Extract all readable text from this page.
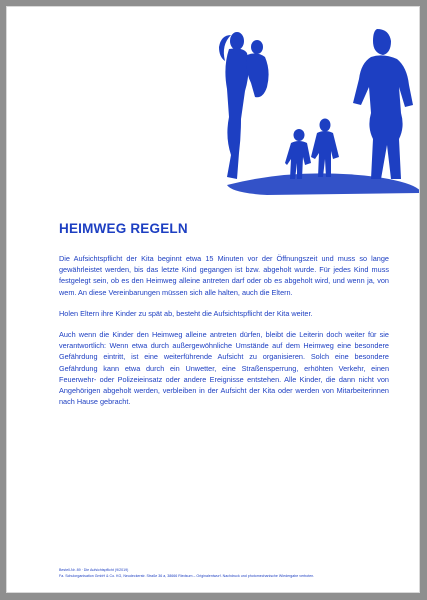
HEIMWEG REGELN

Die Aufsichtspflicht der Kita beginnt etwa 15 Minuten vor der Öffnungszeit und muss so lange gewährleistet werden, bis das letzte Kind gegangen ist bzw. abgeholt wurde. Für jedes Kind muss festgelegt sein, ob es den Heimweg alleine antreten darf oder ob es abgeholt wird, und wenn ja, von wem. An diese Vereinbarungen müssen sich alle halten, auch die Eltern.

Holen Eltern ihre Kinder zu spät ab, besteht die Aufsichtspflicht der Kita weiter.

Auch wenn die Kinder den Heimweg alleine antreten dürfen, bleibt die Leiterin doch weiter für sie verantwortlich: Wenn etwa durch außergewöhnliche Umstände auf dem Heimweg eine besondere Gefährdung eintritt, ist eine weiterführende Aufsicht zu organisieren. Solch eine besondere Gefährdung kann etwa durch ein Unwetter, eine Straßensperrung, erhöhten Verkehr, einen Feuerwehr- oder Polizeieinsatz oder andere Ereignisse entstehen. Alle Kinder, die dann nicht von Angehörigen abgeholt werden, verbleiben in der Aufsicht der Kita oder werden von Mitarbeiterinnen nach Hause gebracht.

Bestell-Nr. 89 · Die Aufsichtspflicht (9/2019)
Fa. Schulorganisation GmbH & Co. KG, Neudeckerstr. Straße 36 a, 38666 Riedsum – Originalentwurf. Nachdruck und photomechanische Wiedergabe verboten.
